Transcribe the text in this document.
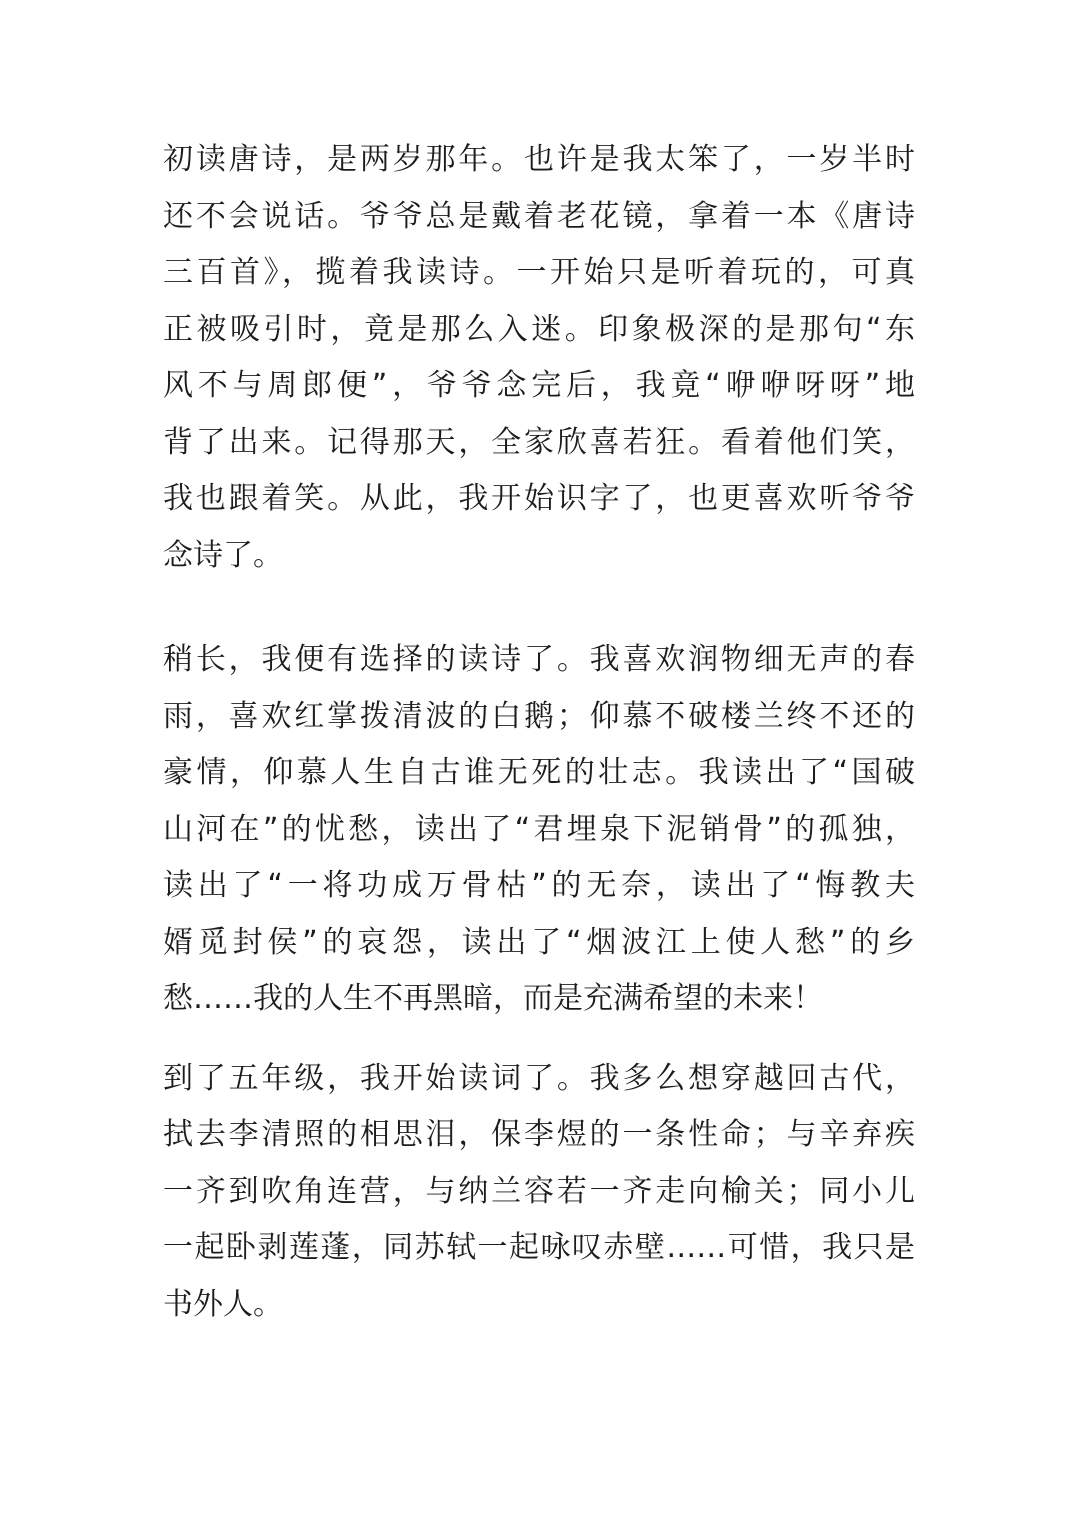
初读唐诗，是两岁那年。也许是我太笨了，一岁半时
还不会说话。爷爷总是戴着老花镜，拿着一本《唐诗
三百首》，揽着我读诗。一开始只是听着玩的，可真
正被吸引时，竟是那么入迷。印象极深的是那句“东
风不与周郎便”，爷爷念完后，我竟“咿咿呀呀”地
背了出来。记得那天，全家欣喜若狂。看着他们笑，
我也跟着笑。从此，我开始识字了，也更喜欢听爷爷
念诗了。
稍长，我便有选择的读诗了。我喜欢润物细无声的春
雨，喜欢红掌拨清波的白鹅；仰慕不破楼兰终不还的
豪情，仰慕人生自古谁无死的壮志。我读出了“国破
山河在”的忧愁，读出了“君埋泉下泥销骨”的孤独，
读出了“一将功成万骨枯”的无奈，读出了“悔教夫
婿觅封侯”的哀怨，读出了“烟波江上使人愁”的乡
愁……我的人生不再黑暗，而是充满希望的未来！
到了五年级，我开始读词了。我多么想穿越回古代，
拭去李清照的相思泪，保李煜的一条性命；与辛弃疾
一齐到吹角连营，与纳兰容若一齐走向榆关；同小儿
一起卧剥莲蓬，同苏轼一起咏叹赤壁……可惜，我只是
书外人。
